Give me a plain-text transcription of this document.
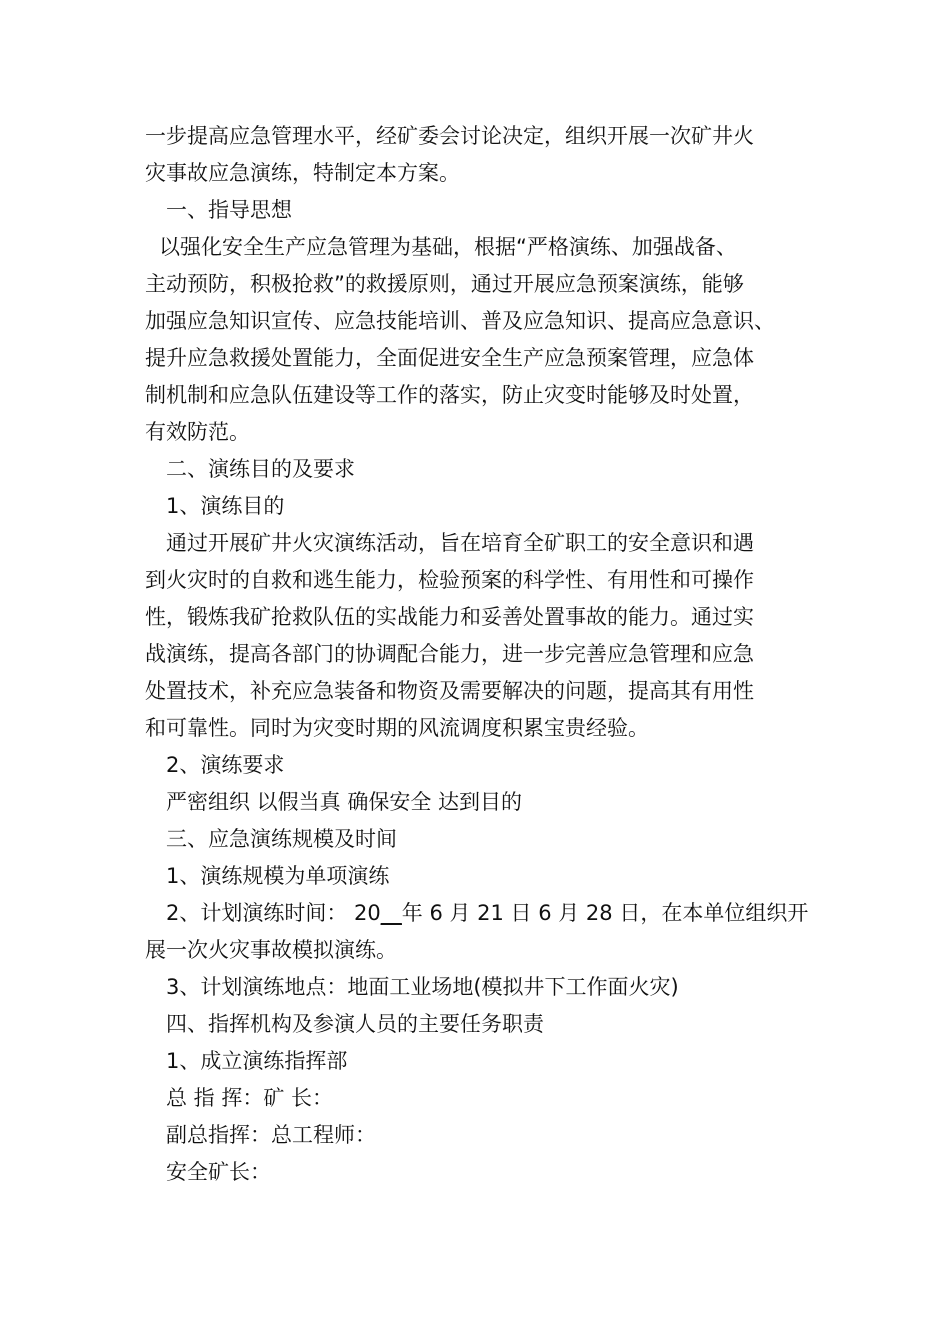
一步提高应急管理水平，经矿委会讨论决定，组织开展一次矿井火

灾事故应急演练，特制定本方案。

一、指导思想

以强化安全生产应急管理为基础，根据“严格演练、加强战备、

主动预防，积极抢救”的救援原则，通过开展应急预案演练，能够

加强应急知识宣传、应急技能培训、普及应急知识、提高应急意识、

提升应急救援处置能力，全面促进安全生产应急预案管理，应急体

制机制和应急队伍建设等工作的落实，防止灾变时能够及时处置，

有效防范。

二、演练目的及要求

1、演练目的

通过开展矿井火灾演练活动，旨在培育全矿职工的安全意识和遇

到火灾时的自救和逃生能力，检验预案的科学性、有用性和可操作

性，锻炼我矿抢救队伍的实战能力和妥善处置事故的能力。通过实

战演练，提高各部门的协调配合能力，进一步完善应急管理和应急

处置技术，补充应急装备和物资及需要解决的问题，提高其有用性

和可靠性。同时为灾变时期的风流调度积累宝贵经验。

2、演练要求

严密组织 以假当真 确保安全 达到目的

三、应急演练规模及时间

1、演练规模为单项演练

2、计划演练时间： 20__年 6 月 21 日 6 月 28 日，在本单位组织开

展一次火灾事故模拟演练。

3、计划演练地点：地面工业场地(模拟井下工作面火灾)

四、指挥机构及参演人员的主要任务职责

1、成立演练指挥部

总 指 挥：矿 长：

副总指挥：总工程师：

安全矿长：
